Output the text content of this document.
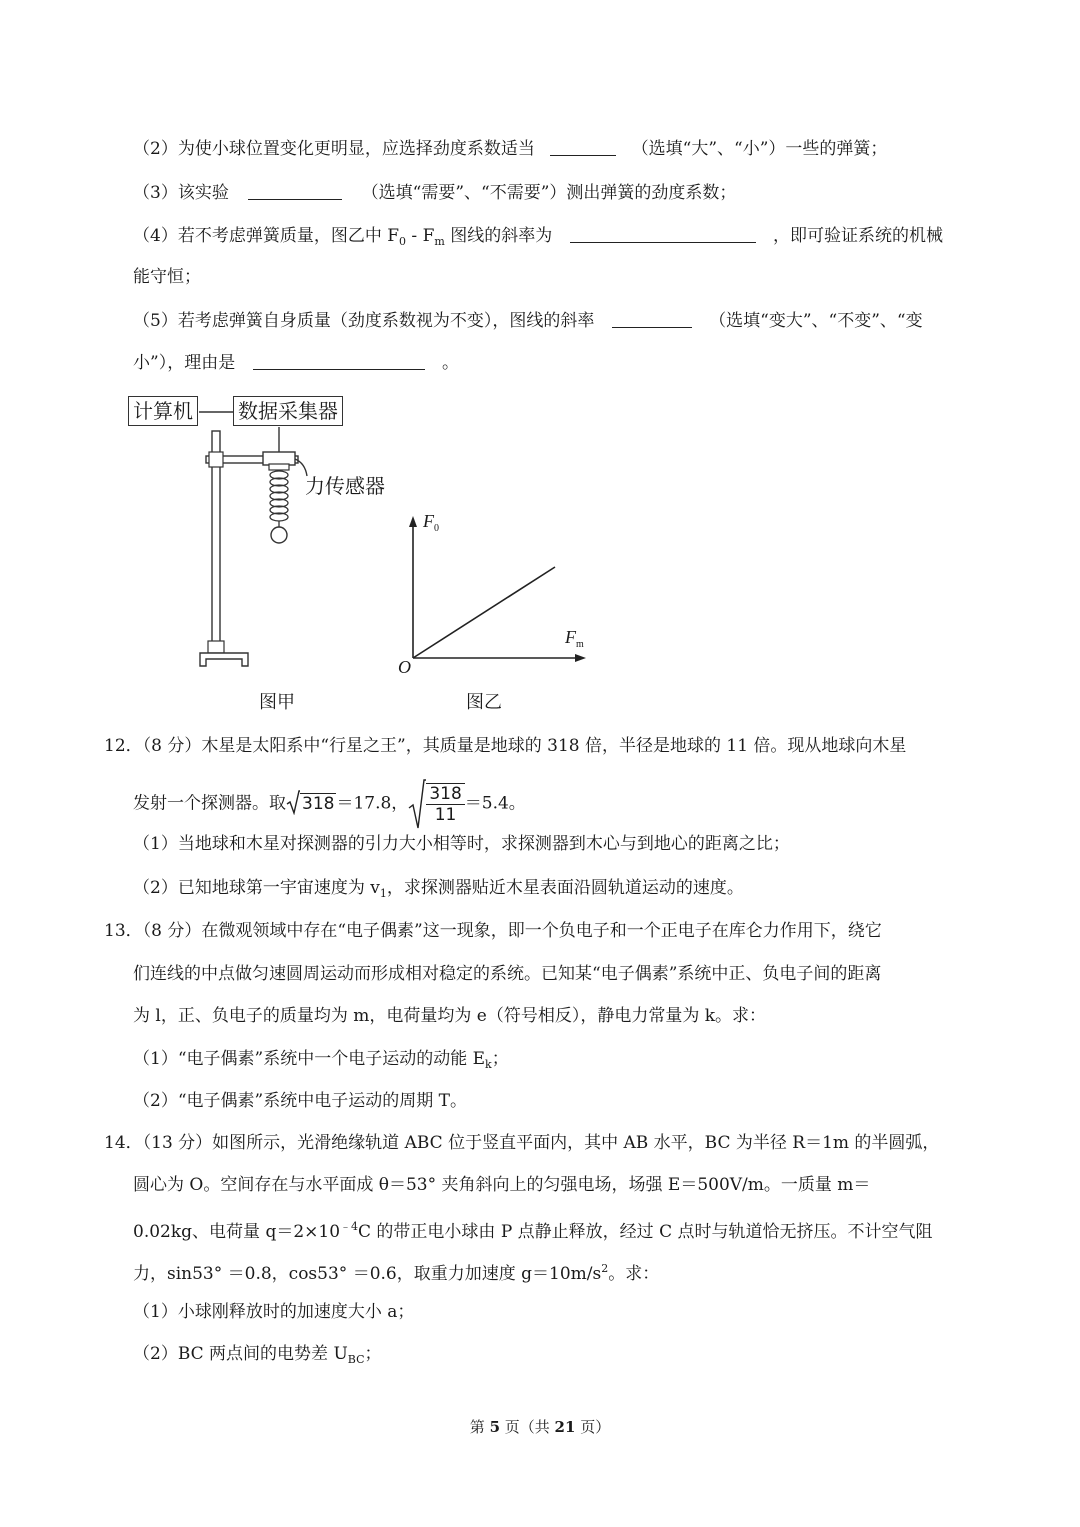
（2）为使小球位置变化更明显，应选择劲度系数适当	（选填“大”、“小”）一些的弹簧；
（3）该实验	（选填“需要”、“不需要”）测出弹簧的劲度系数；
（4）若不考虑弹簧质量，图乙中 $F_0 - F_m$ 图线的斜率为	，即可验证系统的机械
能守恒；
（5）若考虑弹簧自身质量（劲度系数视为不变），图线的斜率	（选填“变大”、“不变”、“变
小”），理由是	。
计算机 数据采集器
力传感器
$F_0$
$F_m$
O
图甲	图乙
12．（8 分）木星是太阳系中“行星之王”，其质量是地球的 318 倍，半径是地球的 11 倍。现从地球向木星
发射一个探测器。取 318 ＝17.8， $\frac{318}{11} =5.4$。
（1）当地球和木星对探测器的引力大小相等时，求探测器到木心与到地心的距离之比；
（2）已知地球第一宇宙速度为 $v_1$，求探测器贴近木星表面沿圆轨道运动的速度。
13．（8 分）在微观领域中存在“电子偶素”这一现象，即一个负电子和一个正电子在库仑力作用下，绕它
们连线的中点做匀速圆周运动而形成相对稳定的系统。已知某“电子偶素”系统中正、负电子间的距离
为 l，正、负电子的质量均为 m，电荷量均为 e（符号相反），静电力常量为 k。求：
（1）“电子偶素”系统中一个电子运动的动能 $E_k$；
（2）“电子偶素”系统中电子运动的周期 T。
14．（13 分）如图所示，光滑绝缘轨道 ABC 位于竖直平面内，其中 AB 水平，BC 为半径 R＝1m 的半圆弧，
圆心为 O。空间存在与水平面成 θ＝53° 夹角斜向上的匀强电场，场强 E＝500V/m。一质量 m＝
0.02kg、电荷量 $q=2\times 10^{﹣4}C$ 的带正电小球由 P 点静止释放，经过 C 点时与轨道恰无挤压。不计空气阻
力，sin53° ＝0.8，cos53° ＝0.6，取重力加速度 $g=10m/s^2$。求：
（1）小球刚释放时的加速度大小 a；
（2）BC 两点间的电势差 $U_{BC}$；
第 5 页（共 21 页）
